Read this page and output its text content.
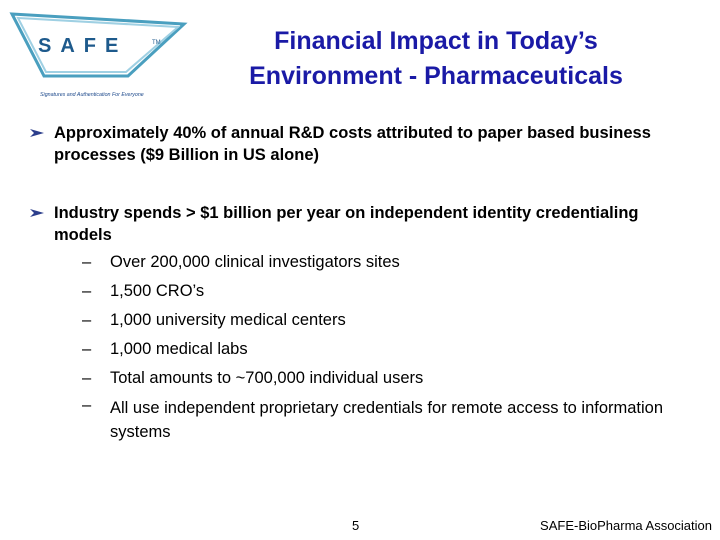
SAFE	TM
Signatures and Authentication For Everyone
Financial Impact in Today’s
Environment - Pharmaceuticals
Approximately 40% of annual R&D costs attributed to paper based business processes ($9 Billion in US alone)
Industry spends > $1 billion per year on independent identity credentialing models
– Over 200,000 clinical investigators sites
– 1,500 CRO’s
– 1,000 university medical centers
– 1,000 medical labs
– Total amounts to ~700,000 individual users
– All use independent proprietary credentials for remote access to information systems
5	SAFE-BioPharma Association
